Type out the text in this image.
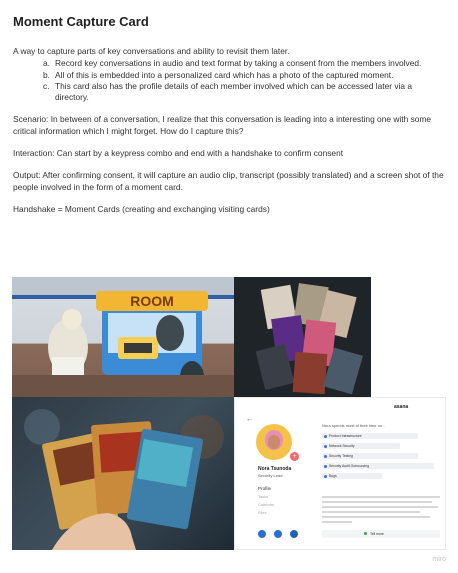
Moment Capture Card

A way to capture parts of key conversations and ability to revisit them later.

a. Record key conversations in audio and text format by taking a consent from the members involved.
b. All of this is embedded into a personalized card which has a photo of the captured moment.
c. This card also has the profile details of each member involved which can be accessed later via a directory.

Scenario: In between of a conversation, I realize that this conversation is leading into a interesting one with some critical information which I might forget. How do I capture this?

Interaction: Can start by a keypress combo and end with a handshake to confirm consent

Output: After confirming consent, it will capture an audio clip, transcript (possibly translated) and a screen shot of the people involved in the form of a moment card.

Handshake = Moment Cards (creating and exchanging visiting cards)

ROOM
←
asana
+
Nora Tsunoda
Security Lead
Profile
Tasks
Calendar
Files
Nora spends most of their time on...
Product Infrastructure
Network Security
Security Testing
Security Audit Outsourcing
Bugs
Tell more
miro
